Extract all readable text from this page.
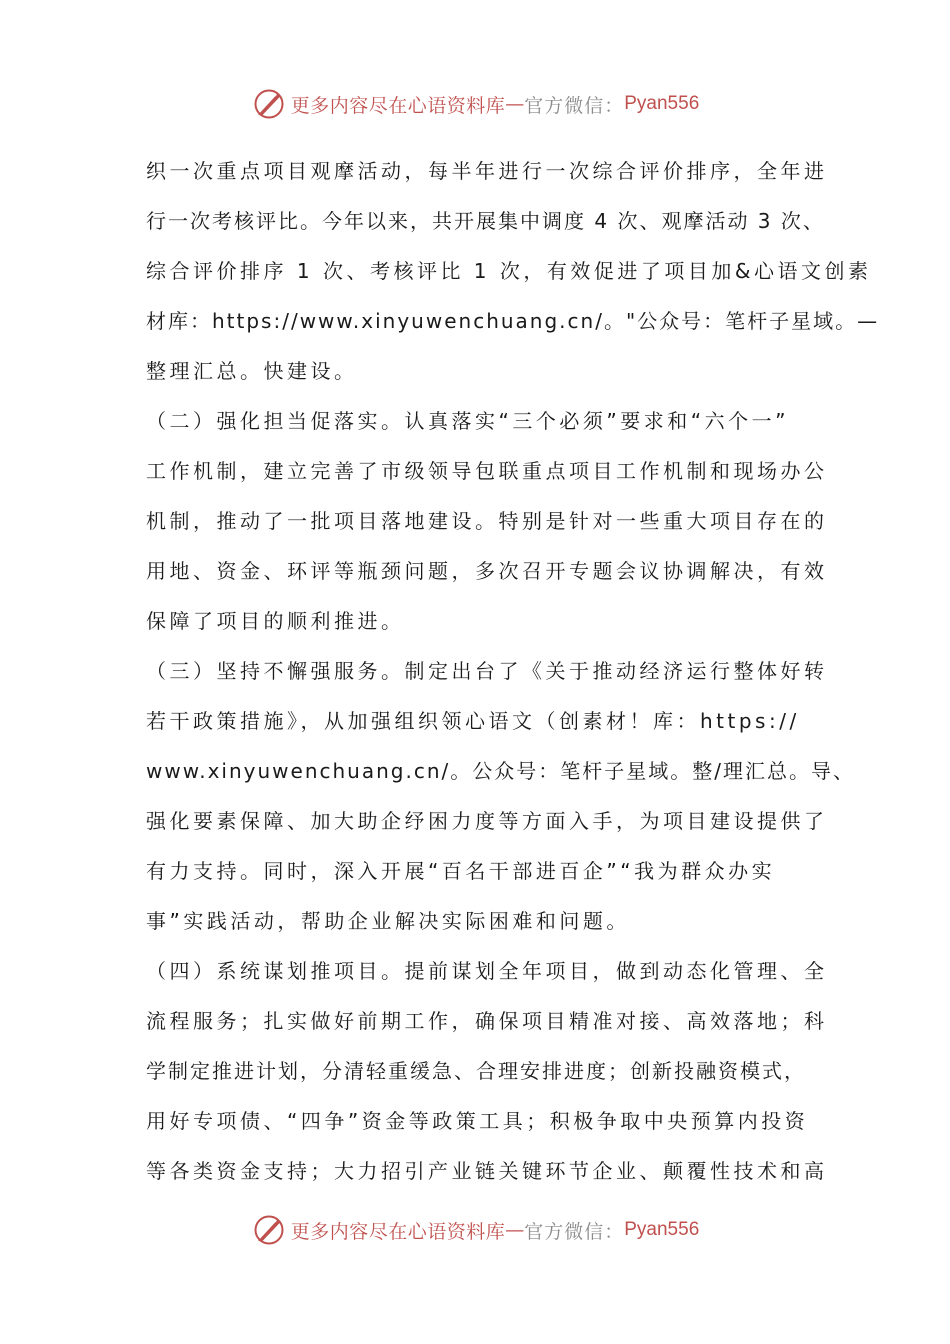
更多内容尽在心语资料库 — 官方微信： Pyan556
织一次重点项目观摩活动，每半年进行一次综合评价排序，全年进
行一次考核评比。今年以来，共开展集中调度 4 次、观摩活动 3 次、
综合评价排序 1 次、考核评比 1 次，有效促进了项目加&心语文创素
材库：https://www.xinyuwenchuang.cn/。"公众号：笔杆子星域。—
整理汇总。快建设。
（二）强化担当促落实。认真落实“三个必须”要求和“六个一”
工作机制，建立完善了市级领导包联重点项目工作机制和现场办公
机制，推动了一批项目落地建设。特别是针对一些重大项目存在的
用地、资金、环评等瓶颈问题，多次召开专题会议协调解决，有效
保障了项目的顺利推进。
（三）坚持不懈强服务。制定出台了《关于推动经济运行整体好转
若干政策措施》，从加强组织领心语文（创素材！库：https://
www.xinyuwenchuang.cn/。公众号：笔杆子星域。整/理汇总。导、
强化要素保障、加大助企纾困力度等方面入手，为项目建设提供了
有力支持。同时，深入开展“百名干部进百企”“我为群众办实
事”实践活动，帮助企业解决实际困难和问题。
（四）系统谋划推项目。提前谋划全年项目，做到动态化管理、全
流程服务；扎实做好前期工作，确保项目精准对接、高效落地；科
学制定推进计划，分清轻重缓急、合理安排进度；创新投融资模式，
用好专项债、“四争”资金等政策工具；积极争取中央预算内投资
等各类资金支持；大力招引产业链关键环节企业、颠覆性技术和高
更多内容尽在心语资料库 — 官方微信： Pyan556
